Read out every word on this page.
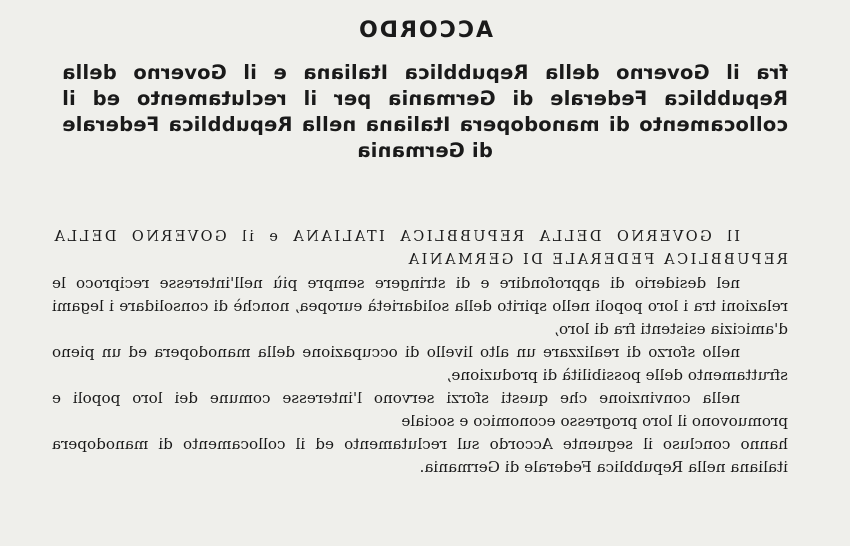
ACCORDO

fra il Governo della Repubblica Italiana e il Governo della Repubblica Federale di Germania per il reclutamento ed il collocamento di manodopera Italiana nella Repubblica Federale di Germania

Il GOVERNO DELLA REPUBBLICA ITALIANA e il GOVERNO DELLA REPUBBLICA FEDERALE DI GERMANIA

nel desiderio di approfondire e di stringere sempre più nell'interesse reciproco le relazioni tra i loro popoli nello spirito della solidarietà europea, nonchè di consolidare i legami d'amicizia esistenti fra di loro,

nello sforzo di realizzare un alto livello di occupazione della manodopera ed un pieno sfruttamento delle possibilità di produzione,

nella convinzione che questi sforzi servono l'interesse comune dei loro popoli e promuovono il loro progresso economico e sociale

hanno concluso il seguente Accordo sul reclutamento ed il collocamento di manodopera italiana nella Repubblica Federale di Germania.
